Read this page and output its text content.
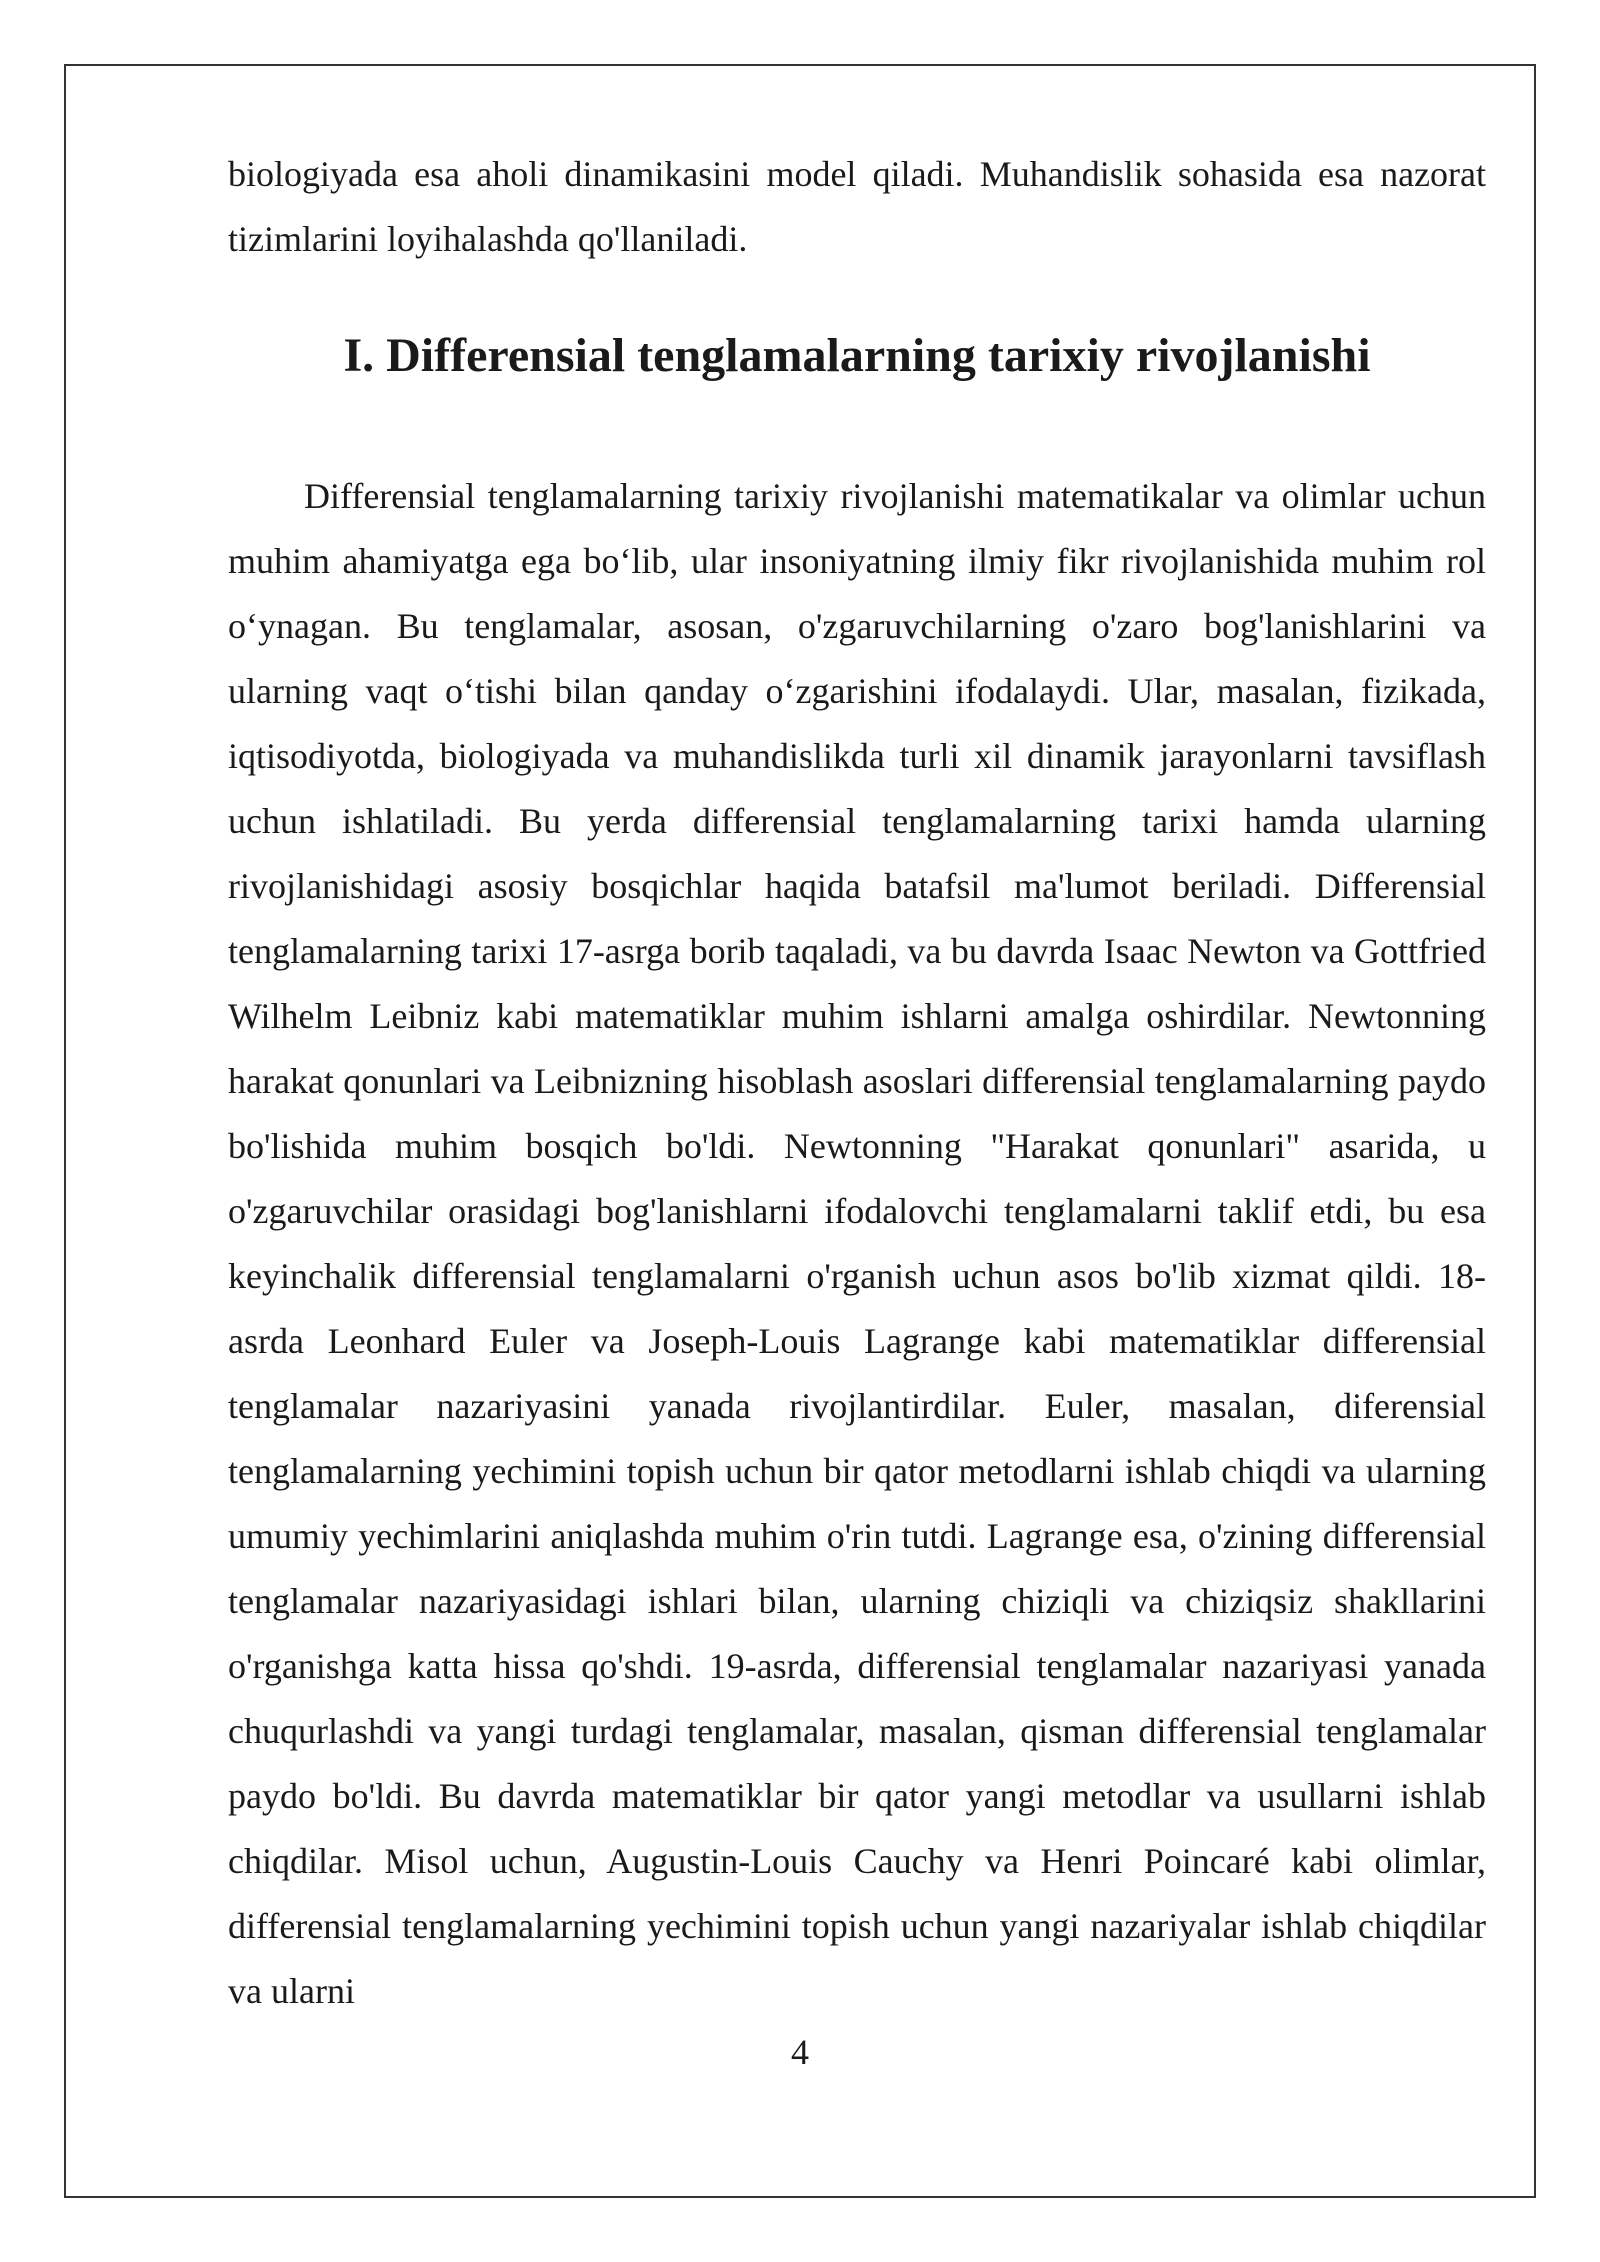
biologiyada esa aholi dinamikasini model qiladi. Muhandislik sohasida esa nazorat tizimlarini loyihalashda qo'llaniladi.

I. Differensial tenglamalarning tarixiy rivojlanishi

Differensial tenglamalarning tarixiy rivojlanishi matematikalar va olimlar uchun muhim ahamiyatga ega bo‘lib, ular insoniyatning ilmiy fikr rivojlanishida muhim rol o‘ynagan. Bu tenglamalar, asosan, o'zgaruvchilarning o'zaro bog'lanishlarini va ularning vaqt o‘tishi bilan qanday o‘zgarishini ifodalaydi. Ular, masalan, fizikada, iqtisodiyotda, biologiyada va muhandislikda turli xil dinamik jarayonlarni tavsiflash uchun ishlatiladi. Bu yerda differensial tenglamalarning tarixi hamda ularning rivojlanishidagi asosiy bosqichlar haqida batafsil ma'lumot beriladi. Differensial tenglamalarning tarixi 17-asrga borib taqaladi, va bu davrda Isaac Newton va Gottfried Wilhelm Leibniz kabi matematiklar muhim ishlarni amalga oshirdilar. Newtonning harakat qonunlari va Leibnizning hisoblash asoslari differensial tenglamalarning paydo bo'lishida muhim bosqich bo'ldi. Newtonning "Harakat qonunlari" asarida, u o'zgaruvchilar orasidagi bog'lanishlarni ifodalovchi tenglamalarni taklif etdi, bu esa keyinchalik differensial tenglamalarni o'rganish uchun asos bo'lib xizmat qildi. 18-asrda Leonhard Euler va Joseph-Louis Lagrange kabi matematiklar differensial tenglamalar nazariyasini yanada rivojlantirdilar. Euler, masalan, diferensial tenglamalarning yechimini topish uchun bir qator metodlarni ishlab chiqdi va ularning umumiy yechimlarini aniqlashda muhim o'rin tutdi. Lagrange esa, o'zining differensial tenglamalar nazariyasidagi ishlari bilan, ularning chiziqli va chiziqsiz shakllarini o'rganishga katta hissa qo'shdi. 19-asrda, differensial tenglamalar nazariyasi yanada chuqurlashdi va yangi turdagi tenglamalar, masalan, qisman differensial tenglamalar paydo bo'ldi. Bu davrda matematiklar bir qator yangi metodlar va usullarni ishlab chiqdilar. Misol uchun, Augustin-Louis Cauchy va Henri Poincaré kabi olimlar, differensial tenglamalarning yechimini topish uchun yangi nazariyalar ishlab chiqdilar va ularni

4
